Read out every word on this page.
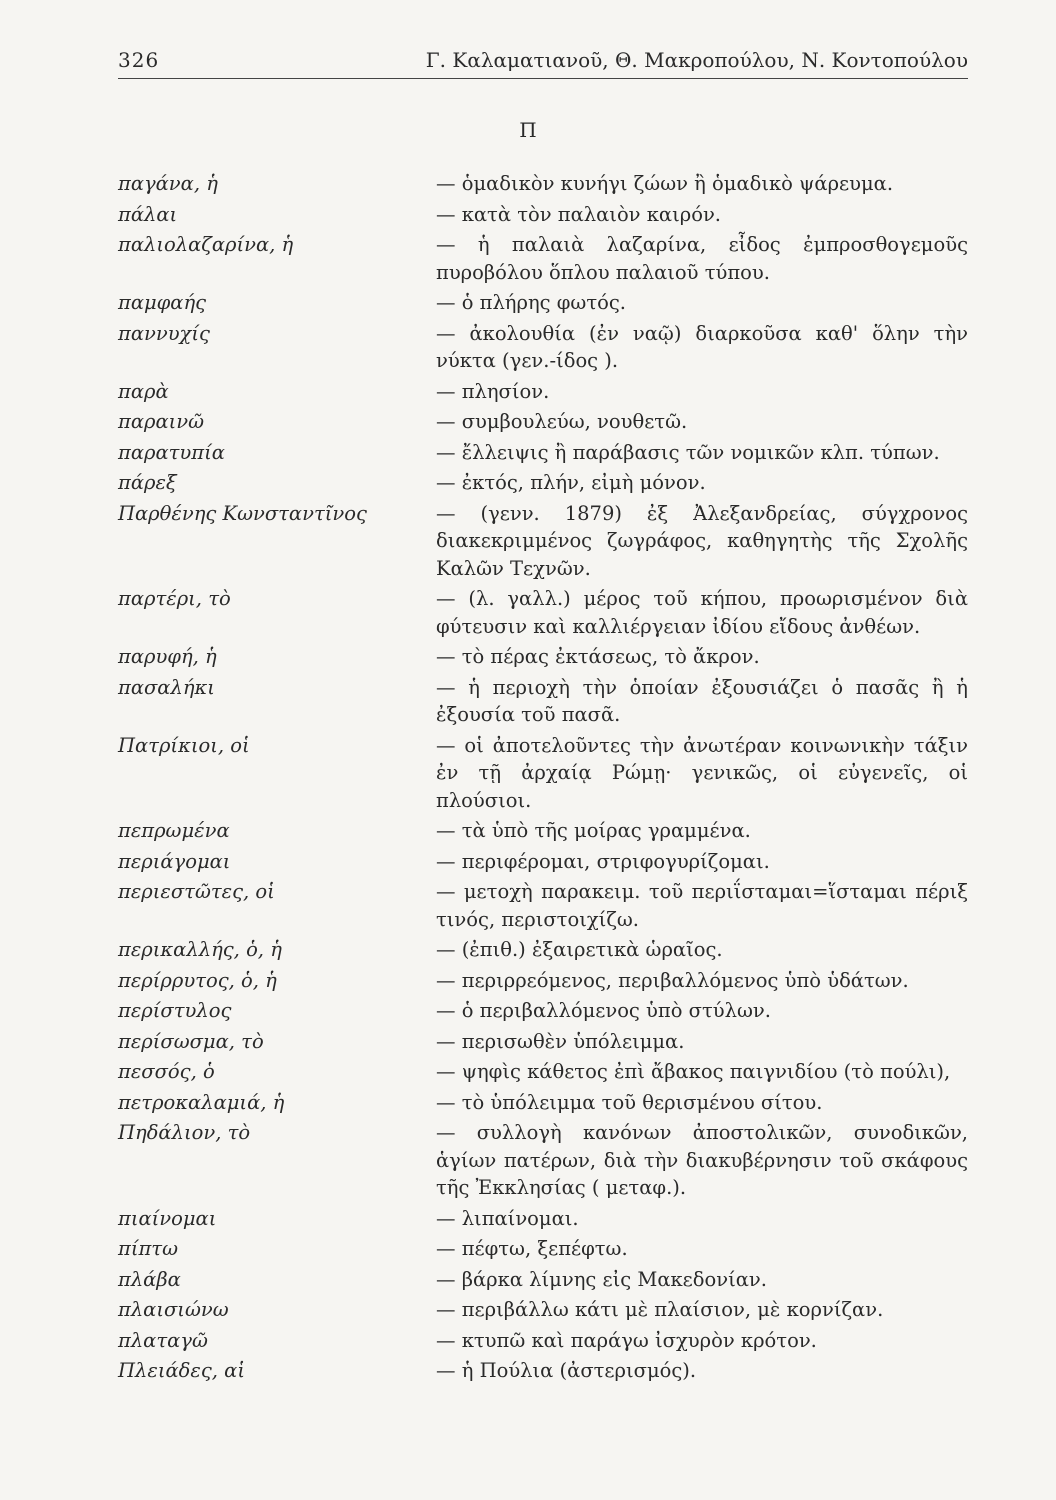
326	Γ. Καλαματιανοῦ, Θ. Μακροπούλου, Ν. Κοντοπούλου
Π
παγάνα, ἡ	— ὁμαδικὸν κυνήγι ζώων ἢ ὁμαδικὸ ψάρευμα.
πάλαι	— κατὰ τὸν παλαιὸν καιρόν.
παλιολαζαρίνα, ἡ	— ἡ παλαιὰ λαζαρίνα, εἶδος ἐμπροσθογεμοῦς πυροβόλου ὅπλου παλαιοῦ τύπου.
παμφαής	— ὁ πλήρης φωτός.
παννυχίς	— ἀκολουθία (ἐν ναῷ) διαρκοῦσα καθ' ὅλην τὴν νύκτα (γεν.-ίδος ).
παρὰ	— πλησίον.
παραινῶ	— συμβουλεύω, νουθετῶ.
παρατυπία	— ἔλλειψις ἢ παράβασις τῶν νομικῶν κλπ. τύπων.
πάρεξ	— ἐκτός, πλήν, εἰμὴ μόνον.
Παρθένης Κωνσταντῖνος	— (γενν. 1879) ἐξ Ἀλεξανδρείας, σύγχρονος διακεκριμμένος ζωγράφος, καθηγητὴς τῆς Σχολῆς Καλῶν Τεχνῶν.
παρτέρι, τὸ	— (λ. γαλλ.) μέρος τοῦ κήπου, προωρισμένον διὰ φύτευσιν καὶ καλλιέργειαν ἰδίου εἴδους ἀνθέων.
παρυφή, ἡ	— τὸ πέρας ἐκτάσεως, τὸ ἄκρον.
πασαλήκι	— ἡ περιοχὴ τὴν ὁποίαν ἐξουσιάζει ὁ πασᾶς ἢ ἡ ἐξουσία τοῦ πασᾶ.
Πατρίκιοι, οἱ	— οἱ ἀποτελοῦντες τὴν ἀνωτέραν κοινωνικὴν τάξιν ἐν τῇ ἀρχαίᾳ Ρώμῃ· γενικῶς, οἱ εὐγενεῖς, οἱ πλούσιοι.
πεπρωμένα	— τὰ ὑπὸ τῆς μοίρας γραμμένα.
περιάγομαι	— περιφέρομαι, στριφογυρίζομαι.
περιεστῶτες, οἱ	— μετοχὴ παρακειμ. τοῦ περιΐσταμαι=ἵσταμαι πέριξ τινός, περιστοιχίζω.
περικαλλής, ὁ, ἡ	— (ἐπιθ.) ἐξαιρετικὰ ὡραῖος.
περίρρυτος, ὁ, ἡ	— περιρρεόμενος, περιβαλλόμενος ὑπὸ ὑδάτων.
περίστυλος	— ὁ περιβαλλόμενος ὑπὸ στύλων.
περίσωσμα, τὸ	— περισωθὲν ὑπόλειμμα.
πεσσός, ὁ	— ψηφὶς κάθετος ἐπὶ ἄβακος παιγνιδίου (τὸ πούλι),
πετροκαλαμιά, ἡ	— τὸ ὑπόλειμμα τοῦ θερισμένου σίτου.
Πηδάλιον, τὸ	— συλλογὴ κανόνων ἀποστολικῶν, συνοδικῶν, ἁγίων πατέρων, διὰ τὴν διακυβέρνησιν τοῦ σκάφους τῆς Ἐκκλησίας ( μεταφ.).
πιαίνομαι	— λιπαίνομαι.
πίπτω	— πέφτω, ξεπέφτω.
πλάβα	— βάρκα λίμνης εἰς Μακεδονίαν.
πλαισιώνω	— περιβάλλω κάτι μὲ πλαίσιον, μὲ κορνίζαν.
πλαταγῶ	— κτυπῶ καὶ παράγω ἰσχυρὸν κρότον.
Πλειάδες, αἱ	— ἡ Πούλια (ἀστερισμός).
